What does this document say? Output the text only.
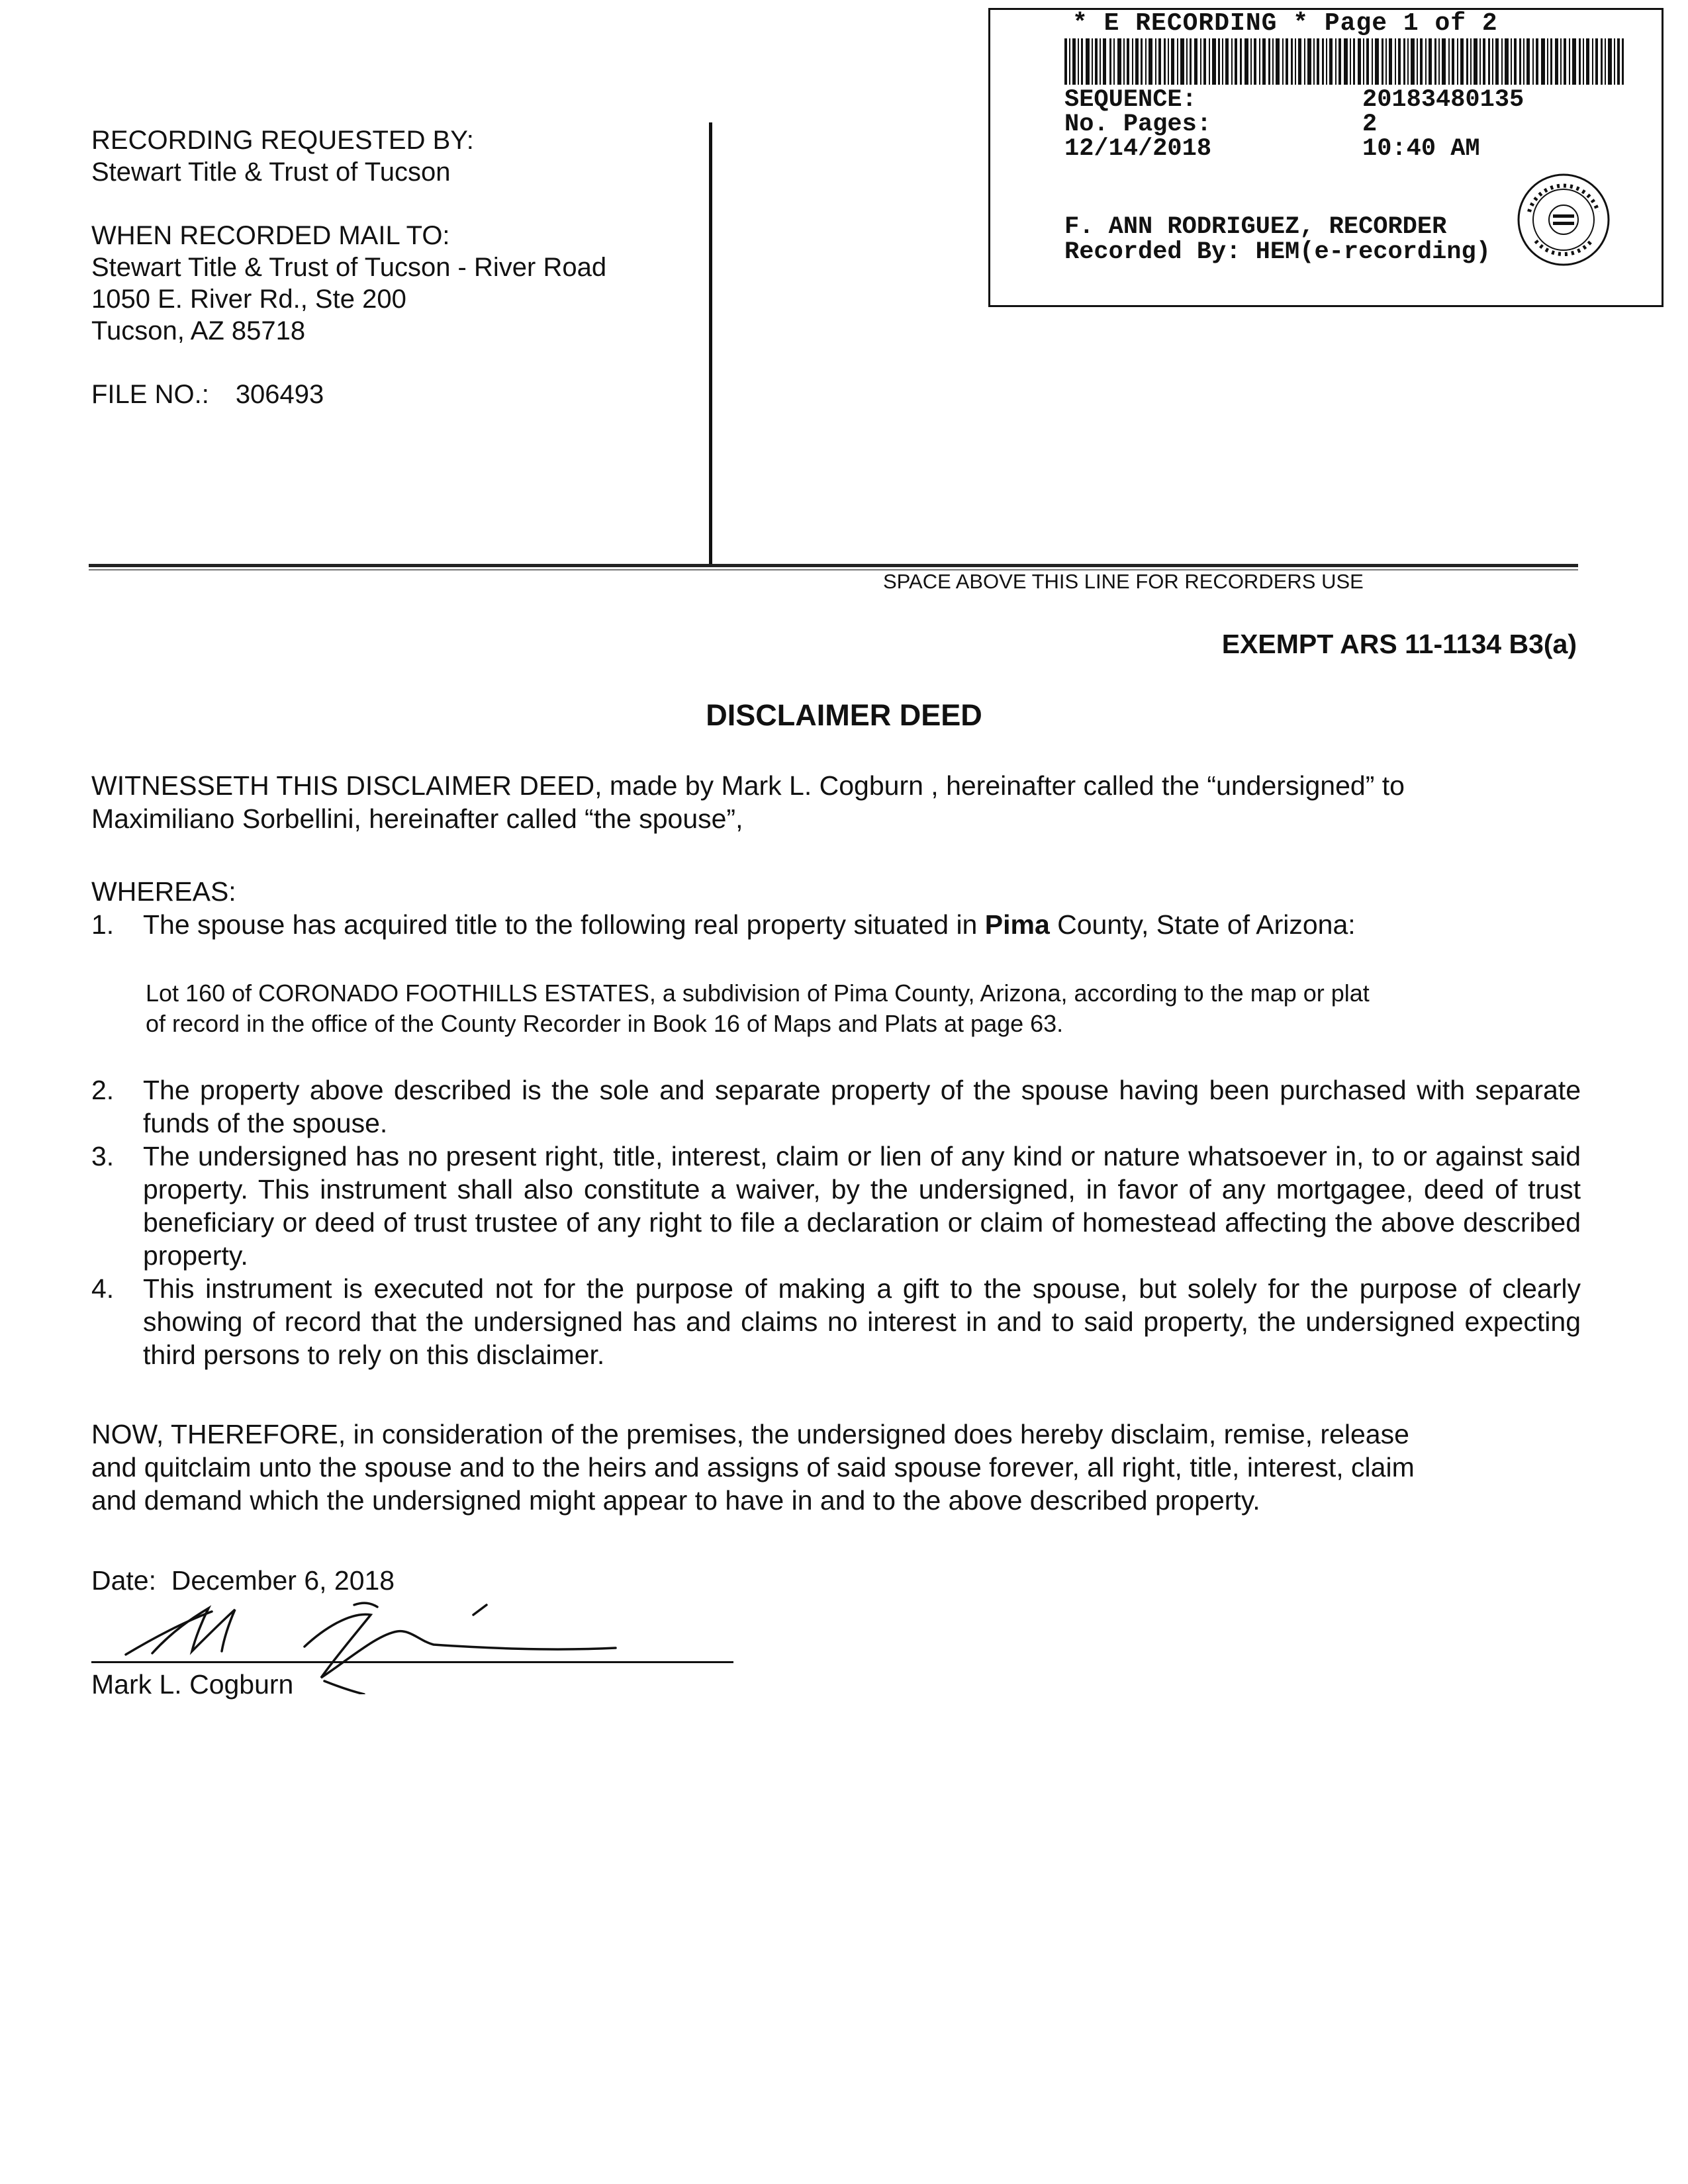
RECORDING REQUESTED BY:
Stewart Title & Trust of Tucson
WHEN RECORDED MAIL TO:
Stewart Title & Trust of Tucson - River Road
1050 E. River Rd., Ste 200
Tucson, AZ 85718
FILE NO.: 306493
* E RECORDING * Page 1 of 2
SEQUENCE:	20183480135
No. Pages:	2
12/14/2018	10:40 AM
F. ANN RODRIGUEZ, RECORDER
Recorded By: HEM(e-recording)
SPACE ABOVE THIS LINE FOR RECORDERS USE
EXEMPT ARS 11-1134 B3(a)
DISCLAIMER DEED
WITNESSETH THIS DISCLAIMER DEED, made by Mark L. Cogburn , hereinafter called the “undersigned” to
Maximiliano Sorbellini, hereinafter called “the spouse”,
WHEREAS:
1. The spouse has acquired title to the following real property situated in Pima County, State of Arizona:
Lot 160 of CORONADO FOOTHILLS ESTATES, a subdivision of Pima County, Arizona, according to the map or plat
of record in the office of the County Recorder in Book 16 of Maps and Plats at page 63.
2. The property above described is the sole and separate property of the spouse having been purchased with separate funds of the spouse.
3. The undersigned has no present right, title, interest, claim or lien of any kind or nature whatsoever in, to or against said property. This instrument shall also constitute a waiver, by the undersigned, in favor of any mortgagee, deed of trust beneficiary or deed of trust trustee of any right to file a declaration or claim of homestead affecting the above described property.
4. This instrument is executed not for the purpose of making a gift to the spouse, but solely for the purpose of clearly showing of record that the undersigned has and claims no interest in and to said property, the undersigned expecting third persons to rely on this disclaimer.
NOW, THEREFORE, in consideration of the premises, the undersigned does hereby disclaim, remise, release
and quitclaim unto the spouse and to the heirs and assigns of said spouse forever, all right, title, interest, claim
and demand which the undersigned might appear to have in and to the above described property.
Date: December 6, 2018
Mark L. Cogburn
